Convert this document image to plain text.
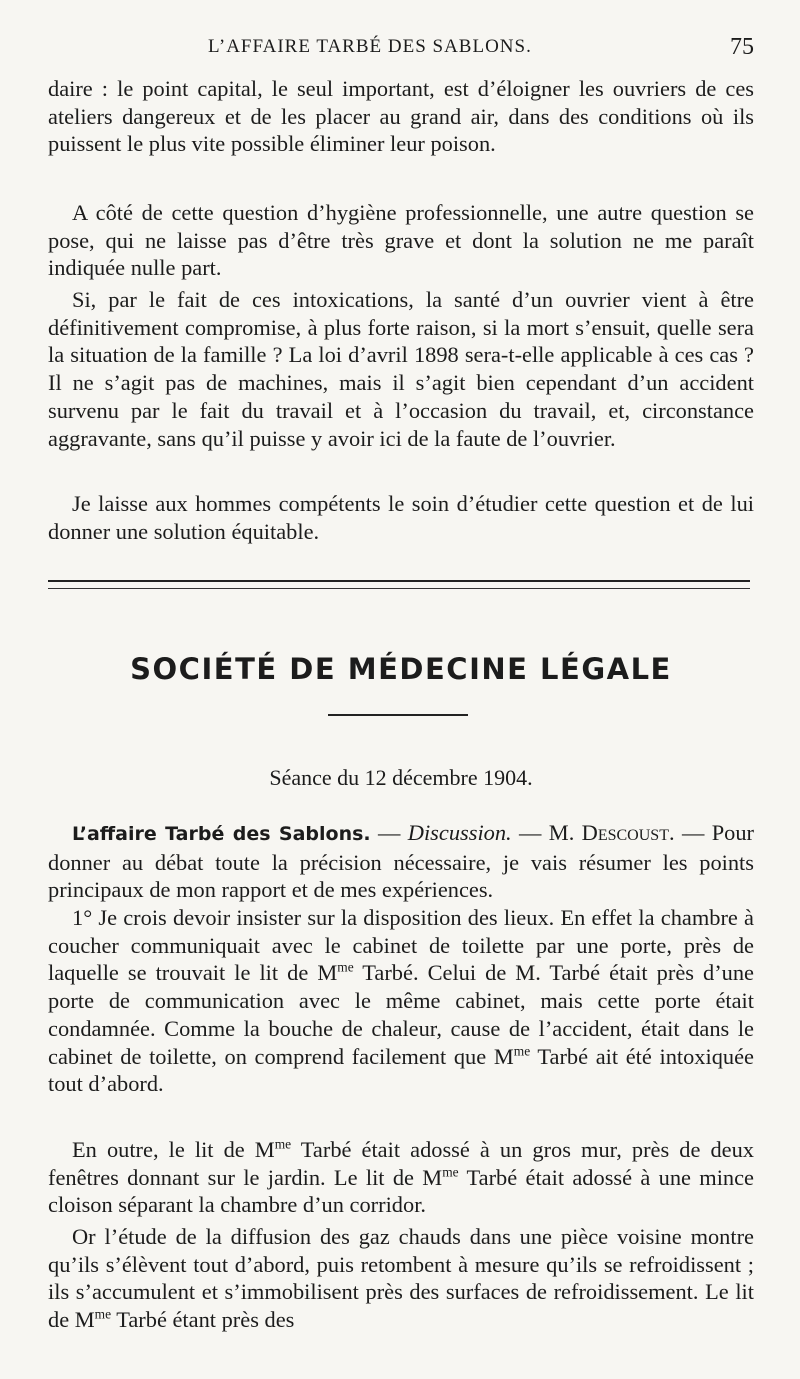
L’AFFAIRE TARBÉ DES SABLONS.	75

daire : le point capital, le seul important, est d’éloigner les ouvriers de ces ateliers dangereux et de les placer au grand air, dans des conditions où ils puissent le plus vite possible éliminer leur poison.

A côté de cette question d’hygiène professionnelle, une autre question se pose, qui ne laisse pas d’être très grave et dont la solution ne me paraît indiquée nulle part.

Si, par le fait de ces intoxications, la santé d’un ouvrier vient à être définitivement compromise, à plus forte raison, si la mort s’ensuit, quelle sera la situation de la famille ? La loi d’avril 1898 sera-t-elle applicable à ces cas ? Il ne s’agit pas de machines, mais il s’agit bien cependant d’un accident survenu par le fait du travail et à l’occasion du travail, et, circonstance aggravante, sans qu’il puisse y avoir ici de la faute de l’ouvrier.

Je laisse aux hommes compétents le soin d’étudier cette question et de lui donner une solution équitable.

SOCIÉTÉ DE MÉDECINE LÉGALE

Séance du 12 décembre 1904.

L’affaire Tarbé des Sablons. — Discussion. — M. Descoust. — Pour donner au débat toute la précision nécessaire, je vais résumer les points principaux de mon rapport et de mes expériences.

1° Je crois devoir insister sur la disposition des lieux. En effet la chambre à coucher communiquait avec le cabinet de toilette par une porte, près de laquelle se trouvait le lit de $M^{me}$ Tarbé. Celui de M. Tarbé était près d’une porte de communication avec le même cabinet, mais cette porte était condamnée. Comme la bouche de chaleur, cause de l’accident, était dans le cabinet de toilette, on comprend facilement que $M^{me}$ Tarbé ait été intoxiquée tout d’abord.

En outre, le lit de $M^{me}$ Tarbé était adossé à un gros mur, près de deux fenêtres donnant sur le jardin. Le lit de $M^{me}$ Tarbé était adossé à une mince cloison séparant la chambre d’un corridor.

Or l’étude de la diffusion des gaz chauds dans une pièce voisine montre qu’ils s’élèvent tout d’abord, puis retombent à mesure qu’ils se refroidissent ; ils s’accumulent et s’immobilisent près des surfaces de refroidissement. Le lit de $M^{me}$ Tarbé étant près des
